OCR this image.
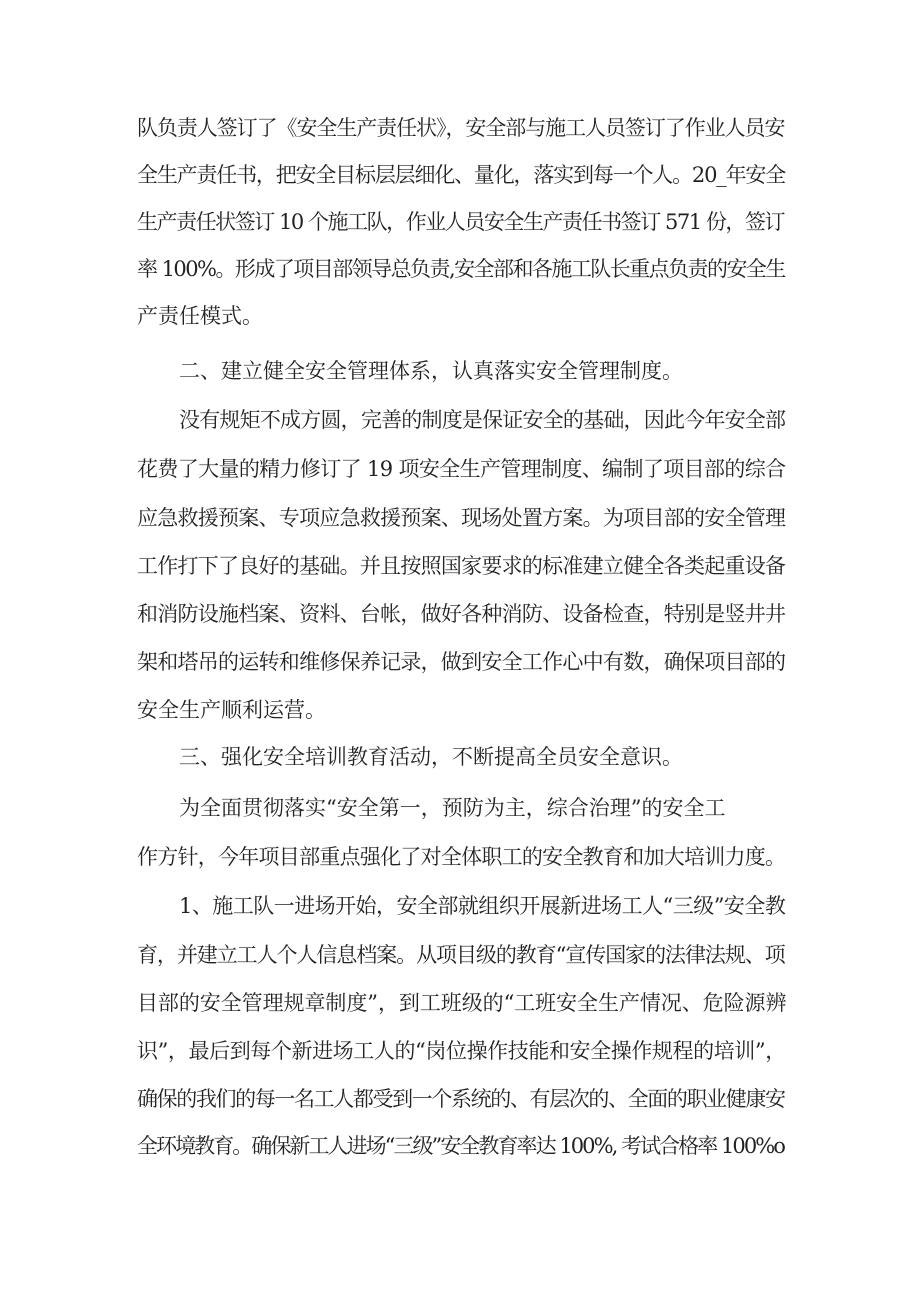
队负责人签订了《安全生产责任状》，安全部与施工人员签订了作业人员安
全生产责任书，把安全目标层层细化、量化，落实到每一个人。20_年安全
生产责任状签订 10 个施工队，作业人员安全生产责任书签订 571 份，签订
率 100%。形成了项目部领导总负责,安全部和各施工队长重点负责的安全生
产责任模式。
二、建立健全安全管理体系，认真落实安全管理制度。
没有规矩不成方圆，完善的制度是保证安全的基础，因此今年安全部
花费了大量的精力修订了 19 项安全生产管理制度、编制了项目部的综合
应急救援预案、专项应急救援预案、现场处置方案。为项目部的安全管理
工作打下了良好的基础。并且按照国家要求的标准建立健全各类起重设备
和消防设施档案、资料、台帐，做好各种消防、设备检查，特别是竖井井
架和塔吊的运转和维修保养记录，做到安全工作心中有数，确保项目部的
安全生产顺利运营。
三、强化安全培训教育活动，不断提高全员安全意识。
为全面贯彻落实“安全第一，预防为主，综合治理”的安全工
作方针，今年项目部重点强化了对全体职工的安全教育和加大培训力度。
1、施工队一进场开始，安全部就组织开展新进场工人“三级”安全教
育，并建立工人个人信息档案。从项目级的教育“宣传国家的法律法规、项
目部的安全管理规章制度”，到工班级的“工班安全生产情况、危险源辨
识”，最后到每个新进场工人的“岗位操作技能和安全操作规程的培训”，
确保的我们的每一名工人都受到一个系统的、有层次的、全面的职业健康安
全环境教育。确保新工人进场“三级”安全教育率达 100%, 考试合格率 100%o
